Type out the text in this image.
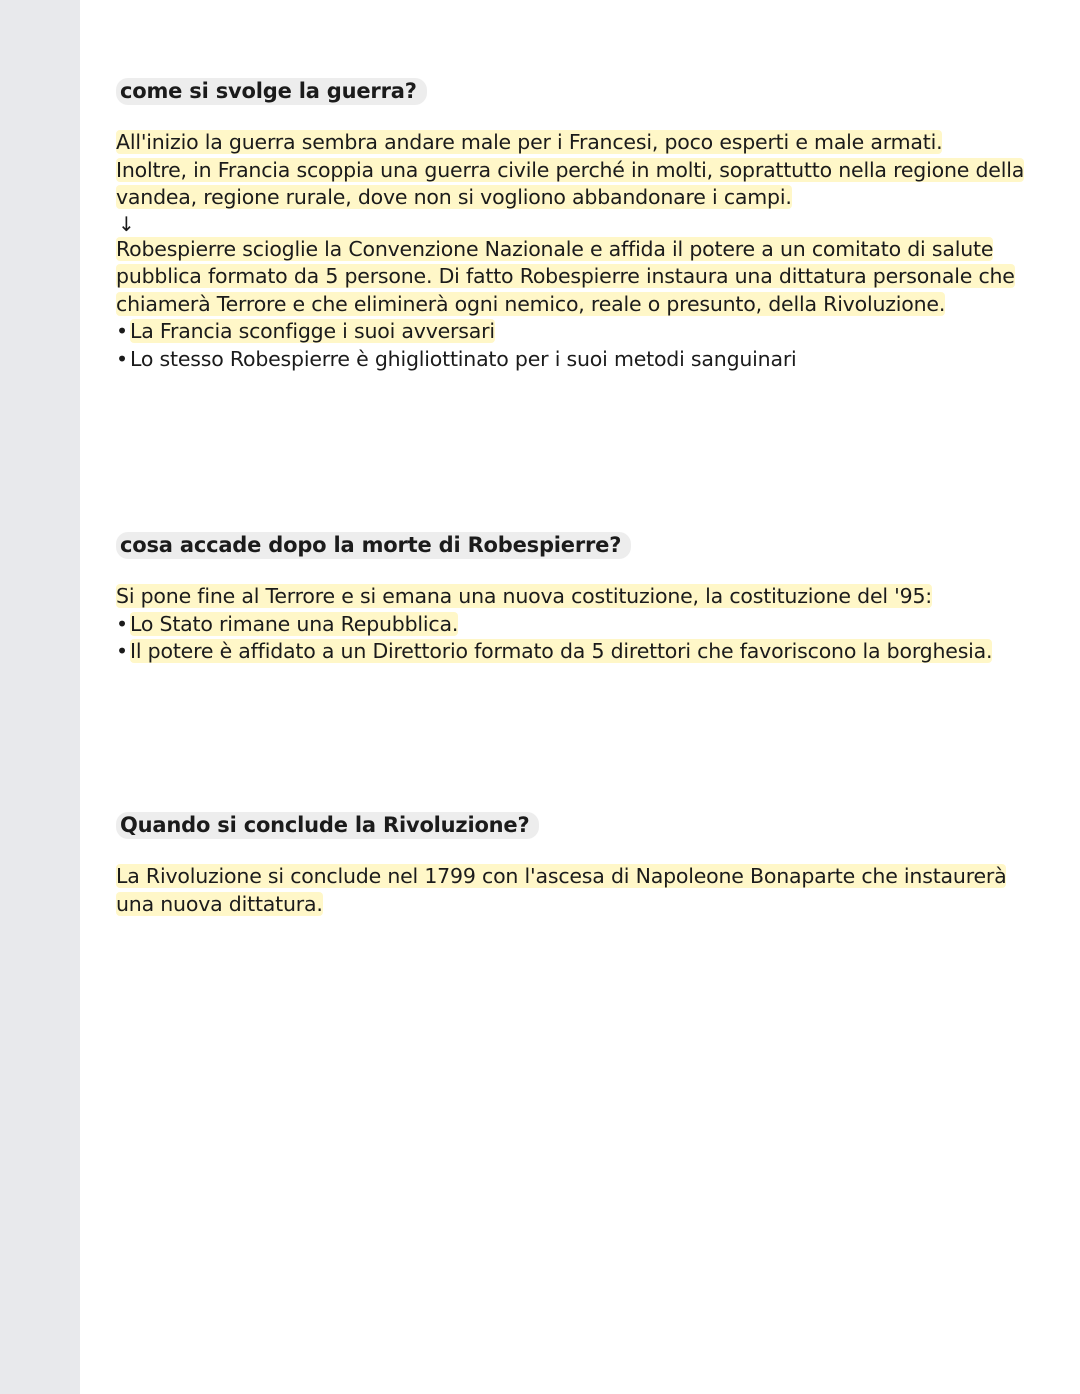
come si svolge la guerra?

All'inizio la guerra sembra andare male per i Francesi, poco esperti e male armati.

Inoltre, in Francia scoppia una guerra civile perché in molti, soprattutto nella regione della vandea, regione rurale, dove non si vogliono abbandonare i campi.

↓

Robespierre scioglie la Convenzione Nazionale e affida il potere a un comitato di salute pubblica formato da 5 persone. Di fatto Robespierre instaura una dittatura personale che chiamerà Terrore e che eliminerà ogni nemico, reale o presunto, della Rivoluzione.

• La Francia sconfigge i suoi avversari

• Lo stesso Robespierre è ghigliottinato per i suoi metodi sanguinari

cosa accade dopo la morte di Robespierre?

Si pone fine al Terrore e si emana una nuova costituzione, la costituzione del '95:

• Lo Stato rimane una Repubblica.

• Il potere è affidato a un Direttorio formato da 5 direttori che favoriscono la borghesia.

Quando si conclude la Rivoluzione?

La Rivoluzione si conclude nel 1799 con l'ascesa di Napoleone Bonaparte che instaurerà una nuova dittatura.
